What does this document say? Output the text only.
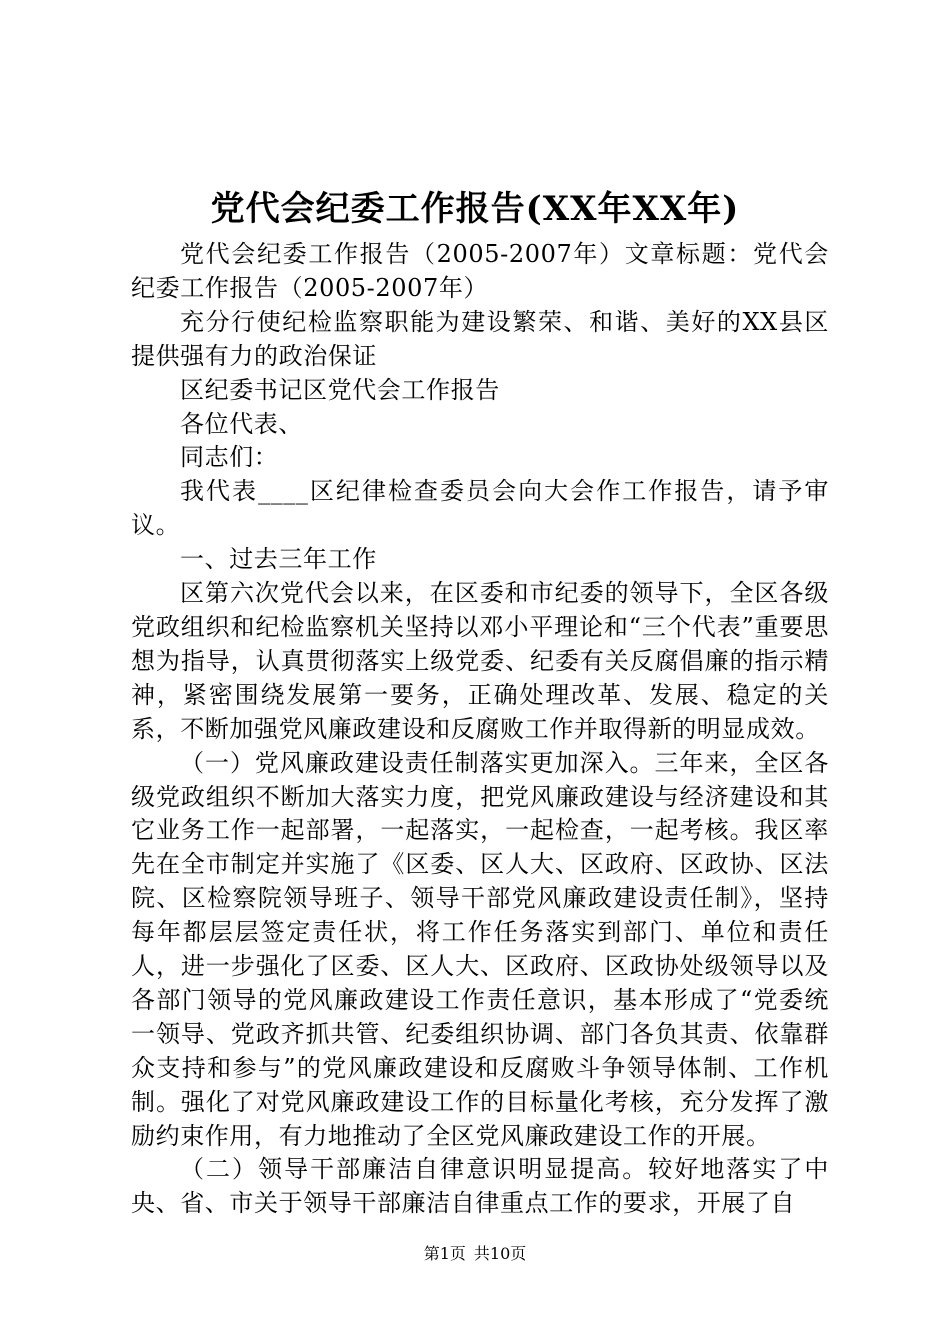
党代会纪委工作报告(XX年XX年)

党代会纪委工作报告（2005-2007年）文章标题：党代会纪委工作报告（2005-2007年）

充分行使纪检监察职能为建设繁荣、和谐、美好的XX县区提供强有力的政治保证

区纪委书记区党代会工作报告

各位代表、

同志们：

我代表____区纪律检查委员会向大会作工作报告，请予审议。

一、过去三年工作

区第六次党代会以来，在区委和市纪委的领导下，全区各级党政组织和纪检监察机关坚持以邓小平理论和“三个代表”重要思想为指导，认真贯彻落实上级党委、纪委有关反腐倡廉的指示精神，紧密围绕发展第一要务，正确处理改革、发展、稳定的关系，不断加强党风廉政建设和反腐败工作并取得新的明显成效。

（一）党风廉政建设责任制落实更加深入。三年来，全区各级党政组织不断加大落实力度，把党风廉政建设与经济建设和其它业务工作一起部署，一起落实，一起检查，一起考核。我区率先在全市制定并实施了《区委、区人大、区政府、区政协、区法院、区检察院领导班子、领导干部党风廉政建设责任制》，坚持每年都层层签定责任状，将工作任务落实到部门、单位和责任人，进一步强化了区委、区人大、区政府、区政协处级领导以及各部门领导的党风廉政建设工作责任意识，基本形成了“党委统一领导、党政齐抓共管、纪委组织协调、部门各负其责、依靠群众支持和参与”的党风廉政建设和反腐败斗争领导体制、工作机制。强化了对党风廉政建设工作的目标量化考核，充分发挥了激励约束作用，有力地推动了全区党风廉政建设工作的开展。

（二）领导干部廉洁自律意识明显提高。较好地落实了中央、省、市关于领导干部廉洁自律重点工作的要求，开展了自

第1页  共10页
